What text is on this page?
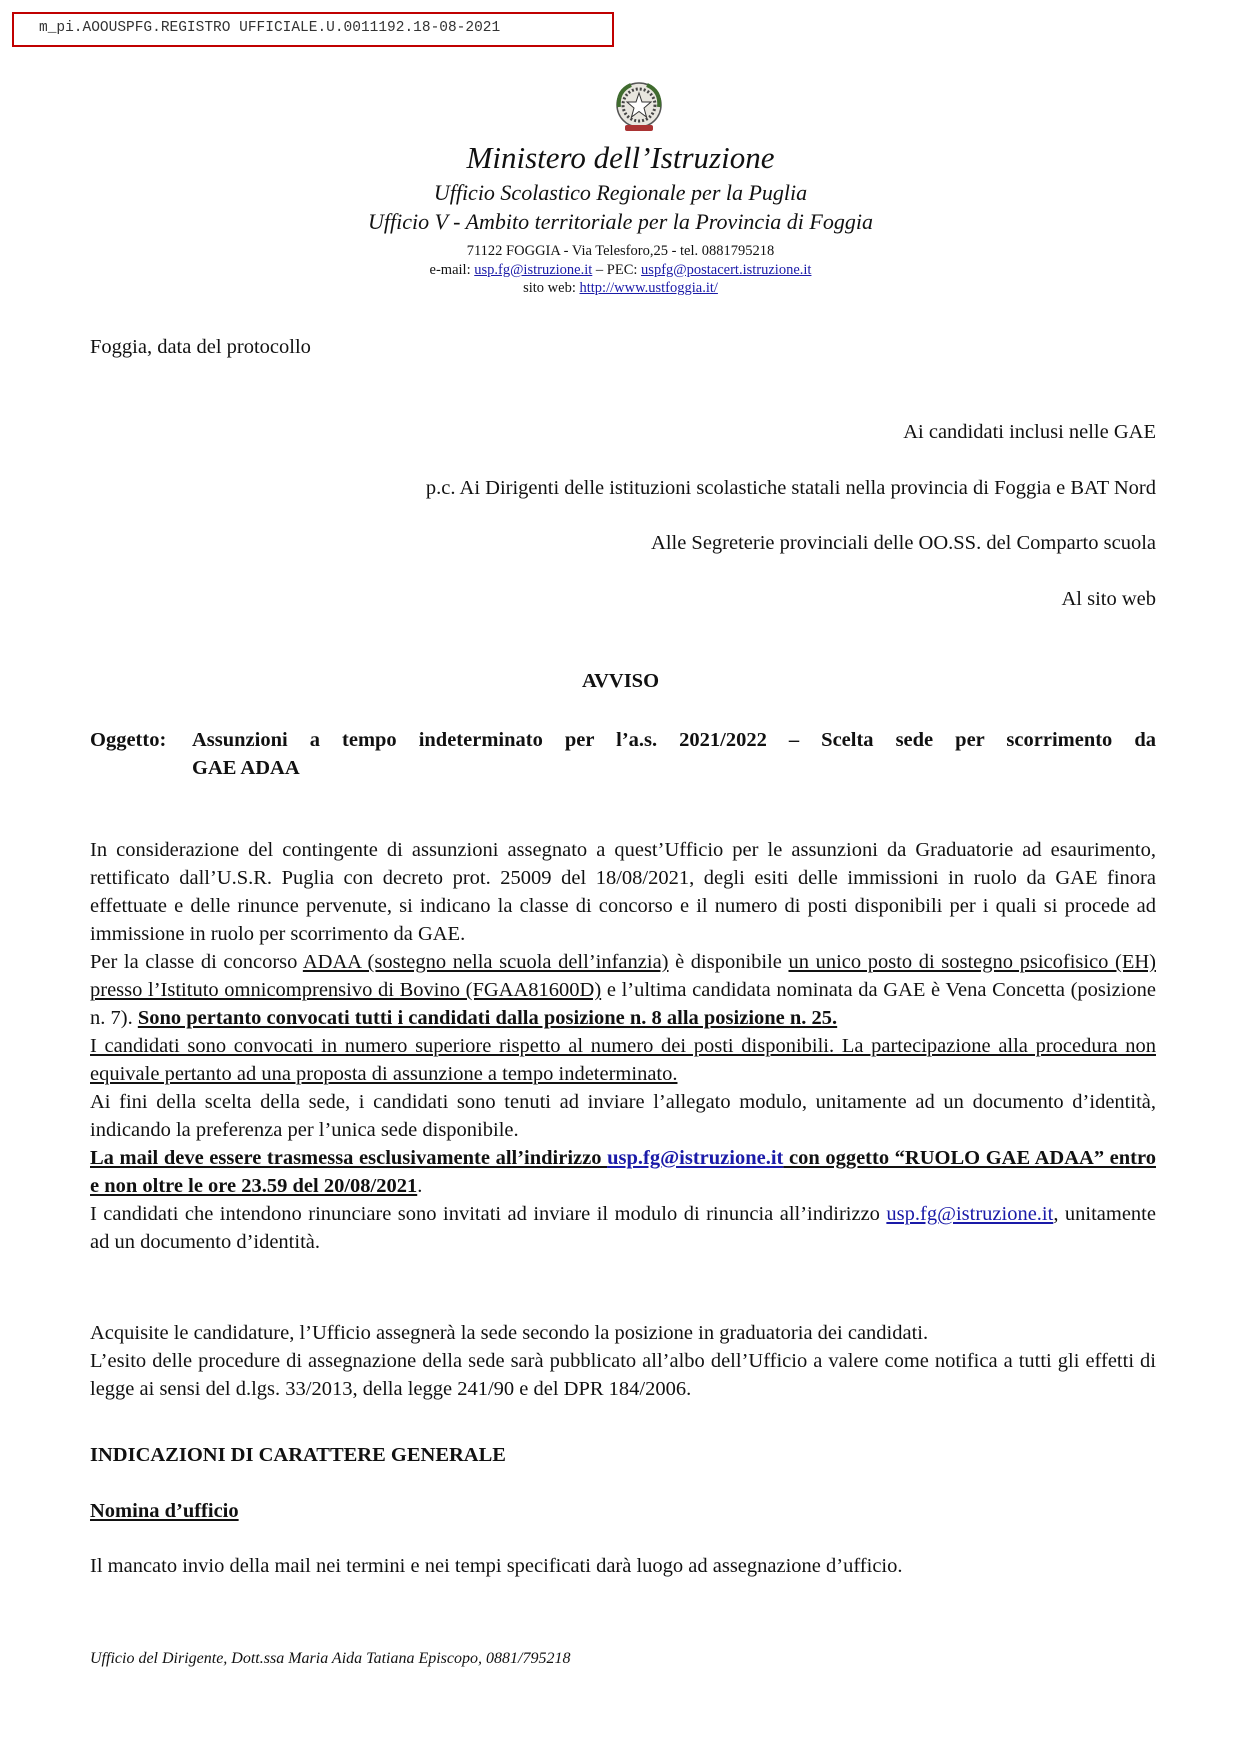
m_pi.AOOUSPFG.REGISTRO UFFICIALE.U.0011192.18-08-2021
Ministero dell’Istruzione
Ufficio Scolastico Regionale per la Puglia
Ufficio V - Ambito territoriale per la Provincia di Foggia
71122 FOGGIA - Via Telesforo,25 - tel. 0881795218
e-mail: usp.fg@istruzione.it – PEC: uspfg@postacert.istruzione.it
sito web: http://www.ustfoggia.it/
Foggia, data del protocollo
Ai candidati inclusi nelle GAE
p.c. Ai Dirigenti delle istituzioni scolastiche statali nella provincia di Foggia e BAT Nord
Alle Segreterie provinciali delle OO.SS. del Comparto scuola
Al sito web
AVVISO
Oggetto: Assunzioni a tempo indeterminato per l’a.s. 2021/2022 – Scelta sede per scorrimento da
GAE ADAA

In considerazione del contingente di assunzioni assegnato a quest’Ufficio per le assunzioni da Graduatorie ad esaurimento, rettificato dall’U.S.R. Puglia con decreto prot. 25009 del 18/08/2021, degli esiti delle immissioni in ruolo da GAE finora effettuate e delle rinunce pervenute, si indicano la classe di concorso e il numero di posti disponibili per i quali si procede ad immissione in ruolo per scorrimento da GAE.

Per la classe di concorso ADAA (sostegno nella scuola dell’infanzia) è disponibile un unico posto di sostegno psicofisico (EH) presso l’Istituto omnicomprensivo di Bovino (FGAA81600D) e l’ultima candidata nominata da GAE è Vena Concetta (posizione n. 7). Sono pertanto convocati tutti i candidati dalla posizione n. 8 alla posizione n. 25.

I candidati sono convocati in numero superiore rispetto al numero dei posti disponibili. La partecipazione alla procedura non equivale pertanto ad una proposta di assunzione a tempo indeterminato.

Ai fini della scelta della sede, i candidati sono tenuti ad inviare l’allegato modulo, unitamente ad un documento d’identità, indicando la preferenza per l’unica sede disponibile.

La mail deve essere trasmessa esclusivamente all’indirizzo usp.fg@istruzione.it con oggetto “RUOLO GAE ADAA” entro e non oltre le ore 23.59 del 20/08/2021.

I candidati che intendono rinunciare sono invitati ad inviare il modulo di rinuncia all’indirizzo usp.fg@istruzione.it, unitamente ad un documento d’identità.

Acquisite le candidature, l’Ufficio assegnerà la sede secondo la posizione in graduatoria dei candidati.

L’esito delle procedure di assegnazione della sede sarà pubblicato all’albo dell’Ufficio a valere come notifica a tutti gli effetti di legge ai sensi del d.lgs. 33/2013, della legge 241/90 e del DPR 184/2006.

INDICAZIONI DI CARATTERE GENERALE
Nomina d’ufficio
Il mancato invio della mail nei termini e nei tempi specificati darà luogo ad assegnazione d’ufficio.
Ufficio del Dirigente, Dott.ssa Maria Aida Tatiana Episcopo, 0881/795218
